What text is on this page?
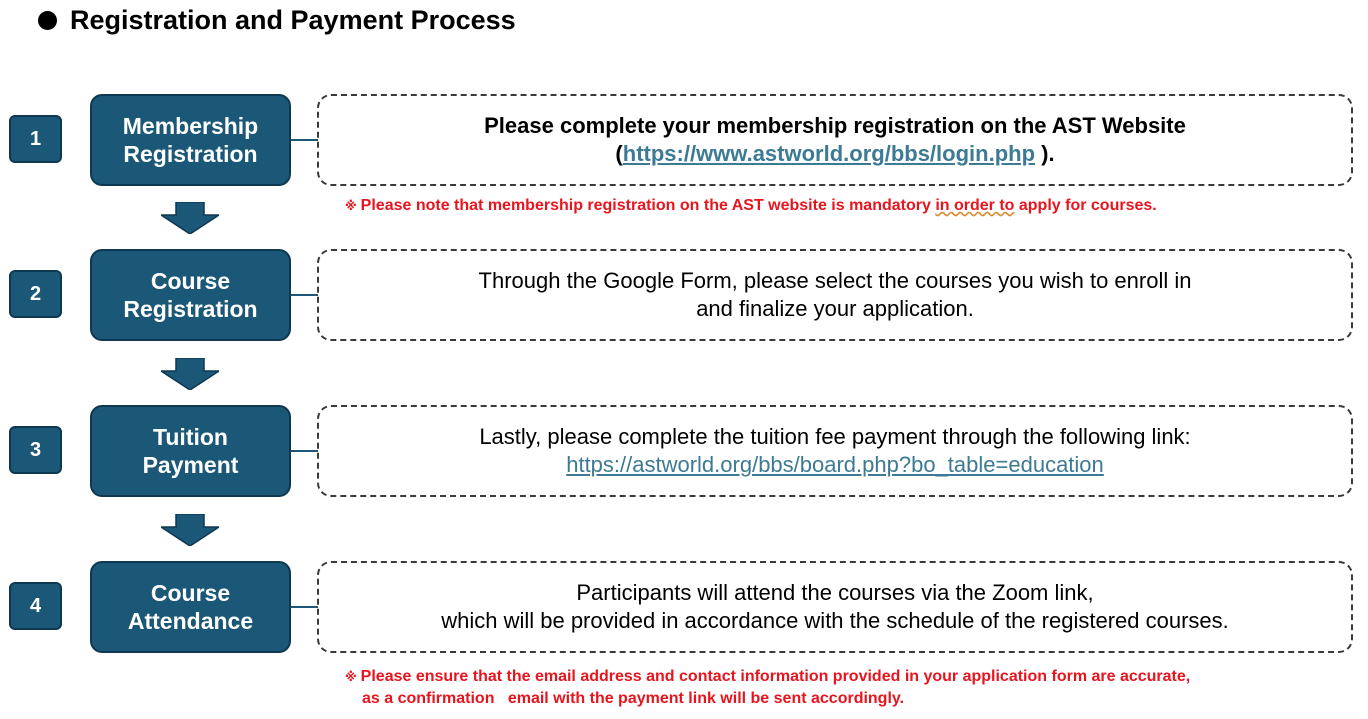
Registration and Payment Process
1	Membership
Registration
Please complete your membership registration on the AST Website
(https://www.astworld.org/bbs/login.php ).
※ Please note that membership registration on the AST website is mandatory in order to apply for courses.
2	Course
Registration
Through the Google Form, please select the courses you wish to enroll in
and finalize your application.
3	Tuition
Payment
Lastly, please complete the tuition fee payment through the following link:
https://astworld.org/bbs/board.php?bo_table=education
4	Course
Attendance
Participants will attend the courses via the Zoom link,
which will be provided in accordance with the schedule of the registered courses.
※ Please ensure that the email address and contact information provided in your application form are accurate,
as a confirmation   email with the payment link will be sent accordingly.
